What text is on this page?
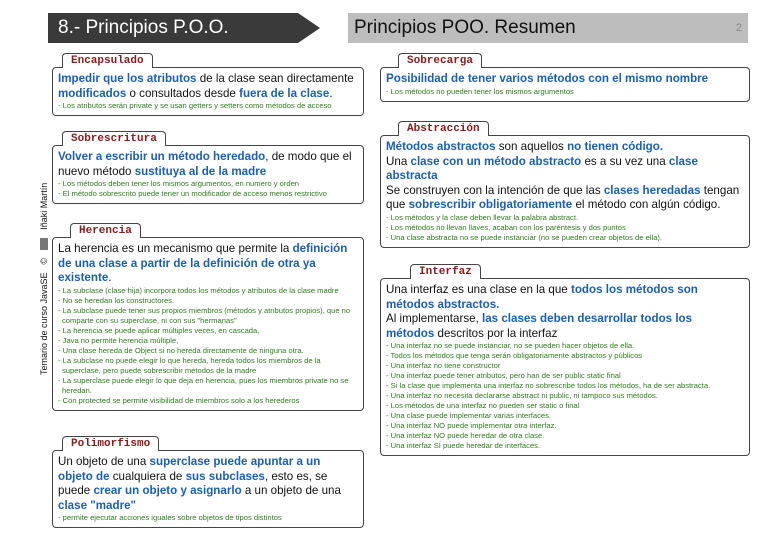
8.- Principios P.O.O.	Principios POO. Resumen	2
Temario de curso JavaSE
©
Iñaki Martín
Encapsulado
Impedir que los atributos de la clase sean directamente modificados o consultados desde fuera de la clase.
- Los atributos serán private y se usan getters y setters como métodos de acceso
Sobrescritura
Volver a escribir un método heredado, de modo que el nuevo método sustituya al de la madre
- Los métodos deben tener los mismos argumentos, en numero y orden
- El método sobrescrito puede tener un modificador de acceso menos restrictivo
Herencia
La herencia es un mecanismo que permite la definición de una clase a partir de la definición de otra ya existente.
- La subclase (clase hija) incorpora todos los métodos y atributos de la clase madre
- No se heredan los constructores.
- La subclase puede tener sus propios miembros (métodos y atributos propios), que no comparte con su superclase, ni con sus "hermanas"
- La herencia se puede aplicar múltiples veces, en cascada,
- Java no permite herencia múltiple,
- Una clase hereda de Object si no hereda directamente de ninguna otra.
- La subclase no puede elegir lo que hereda, hereda todos los miembros de la superclase, pero puede sobrescribir métodos de la madre
- La superclase puede elegir lo que deja en herencia, pues los miembros private no se heredan.
- Con protected se permite visibilidad de miembros solo a los herederos
Polimorfismo
Un objeto de una superclase puede apuntar a un objeto de cualquiera de sus subclases, esto es, se puede crear un objeto y asignarlo a un objeto de una clase "madre"
- permite ejecutar acciones iguales sobre objetos de tipos distintos
Sobrecarga
Posibilidad de tener varios métodos con el mismo nombre
- Los métodos no pueden tener los mismos argumentos
Abstracción
Métodos abstractos son aquellos no tienen código.
Una clase con un método abstracto es a su vez una clase abstracta
Se construyen con la intención de que las clases heredadas tengan que sobrescribir obligatoriamente el método con algún código.
- Los métodos y la clase deben llevar la palabra abstract.
- Los métodos no llevan llaves, acaban con los paréntesis y dos puntos
- Una clase abstracta no se puede instanciar (no se pueden crear objetos de ella).
Interfaz
Una interfaz es una clase en la que todos los métodos son métodos abstractos.
Al implementarse, las clases deben desarrollar todos los métodos descritos por la interfaz
- Una interfaz no se puede instanciar, no se pueden hacer objetos de ella.
- Todos los métodos que tenga serán obligatoriamente abstractos y públicos
- Una interfaz no tiene constructor
- Una interfaz puede tener atributos, pero han de ser public static final
- Si la clase que implementa una interfaz no sobrescribe todos los métodos, ha de ser abstracta.
- Una interfaz no necesita declararse abstract ni public, ni tampoco sus métodos.
- Los métodos de una interfaz no pueden ser static o final
- Una clase puede implementar varias interfaces.
- Una interfaz NO puede implementar otra interfaz.
- Una interfaz NO puede heredar de otra clase.
- Una interfaz SÍ puede heredar de interfaces.
